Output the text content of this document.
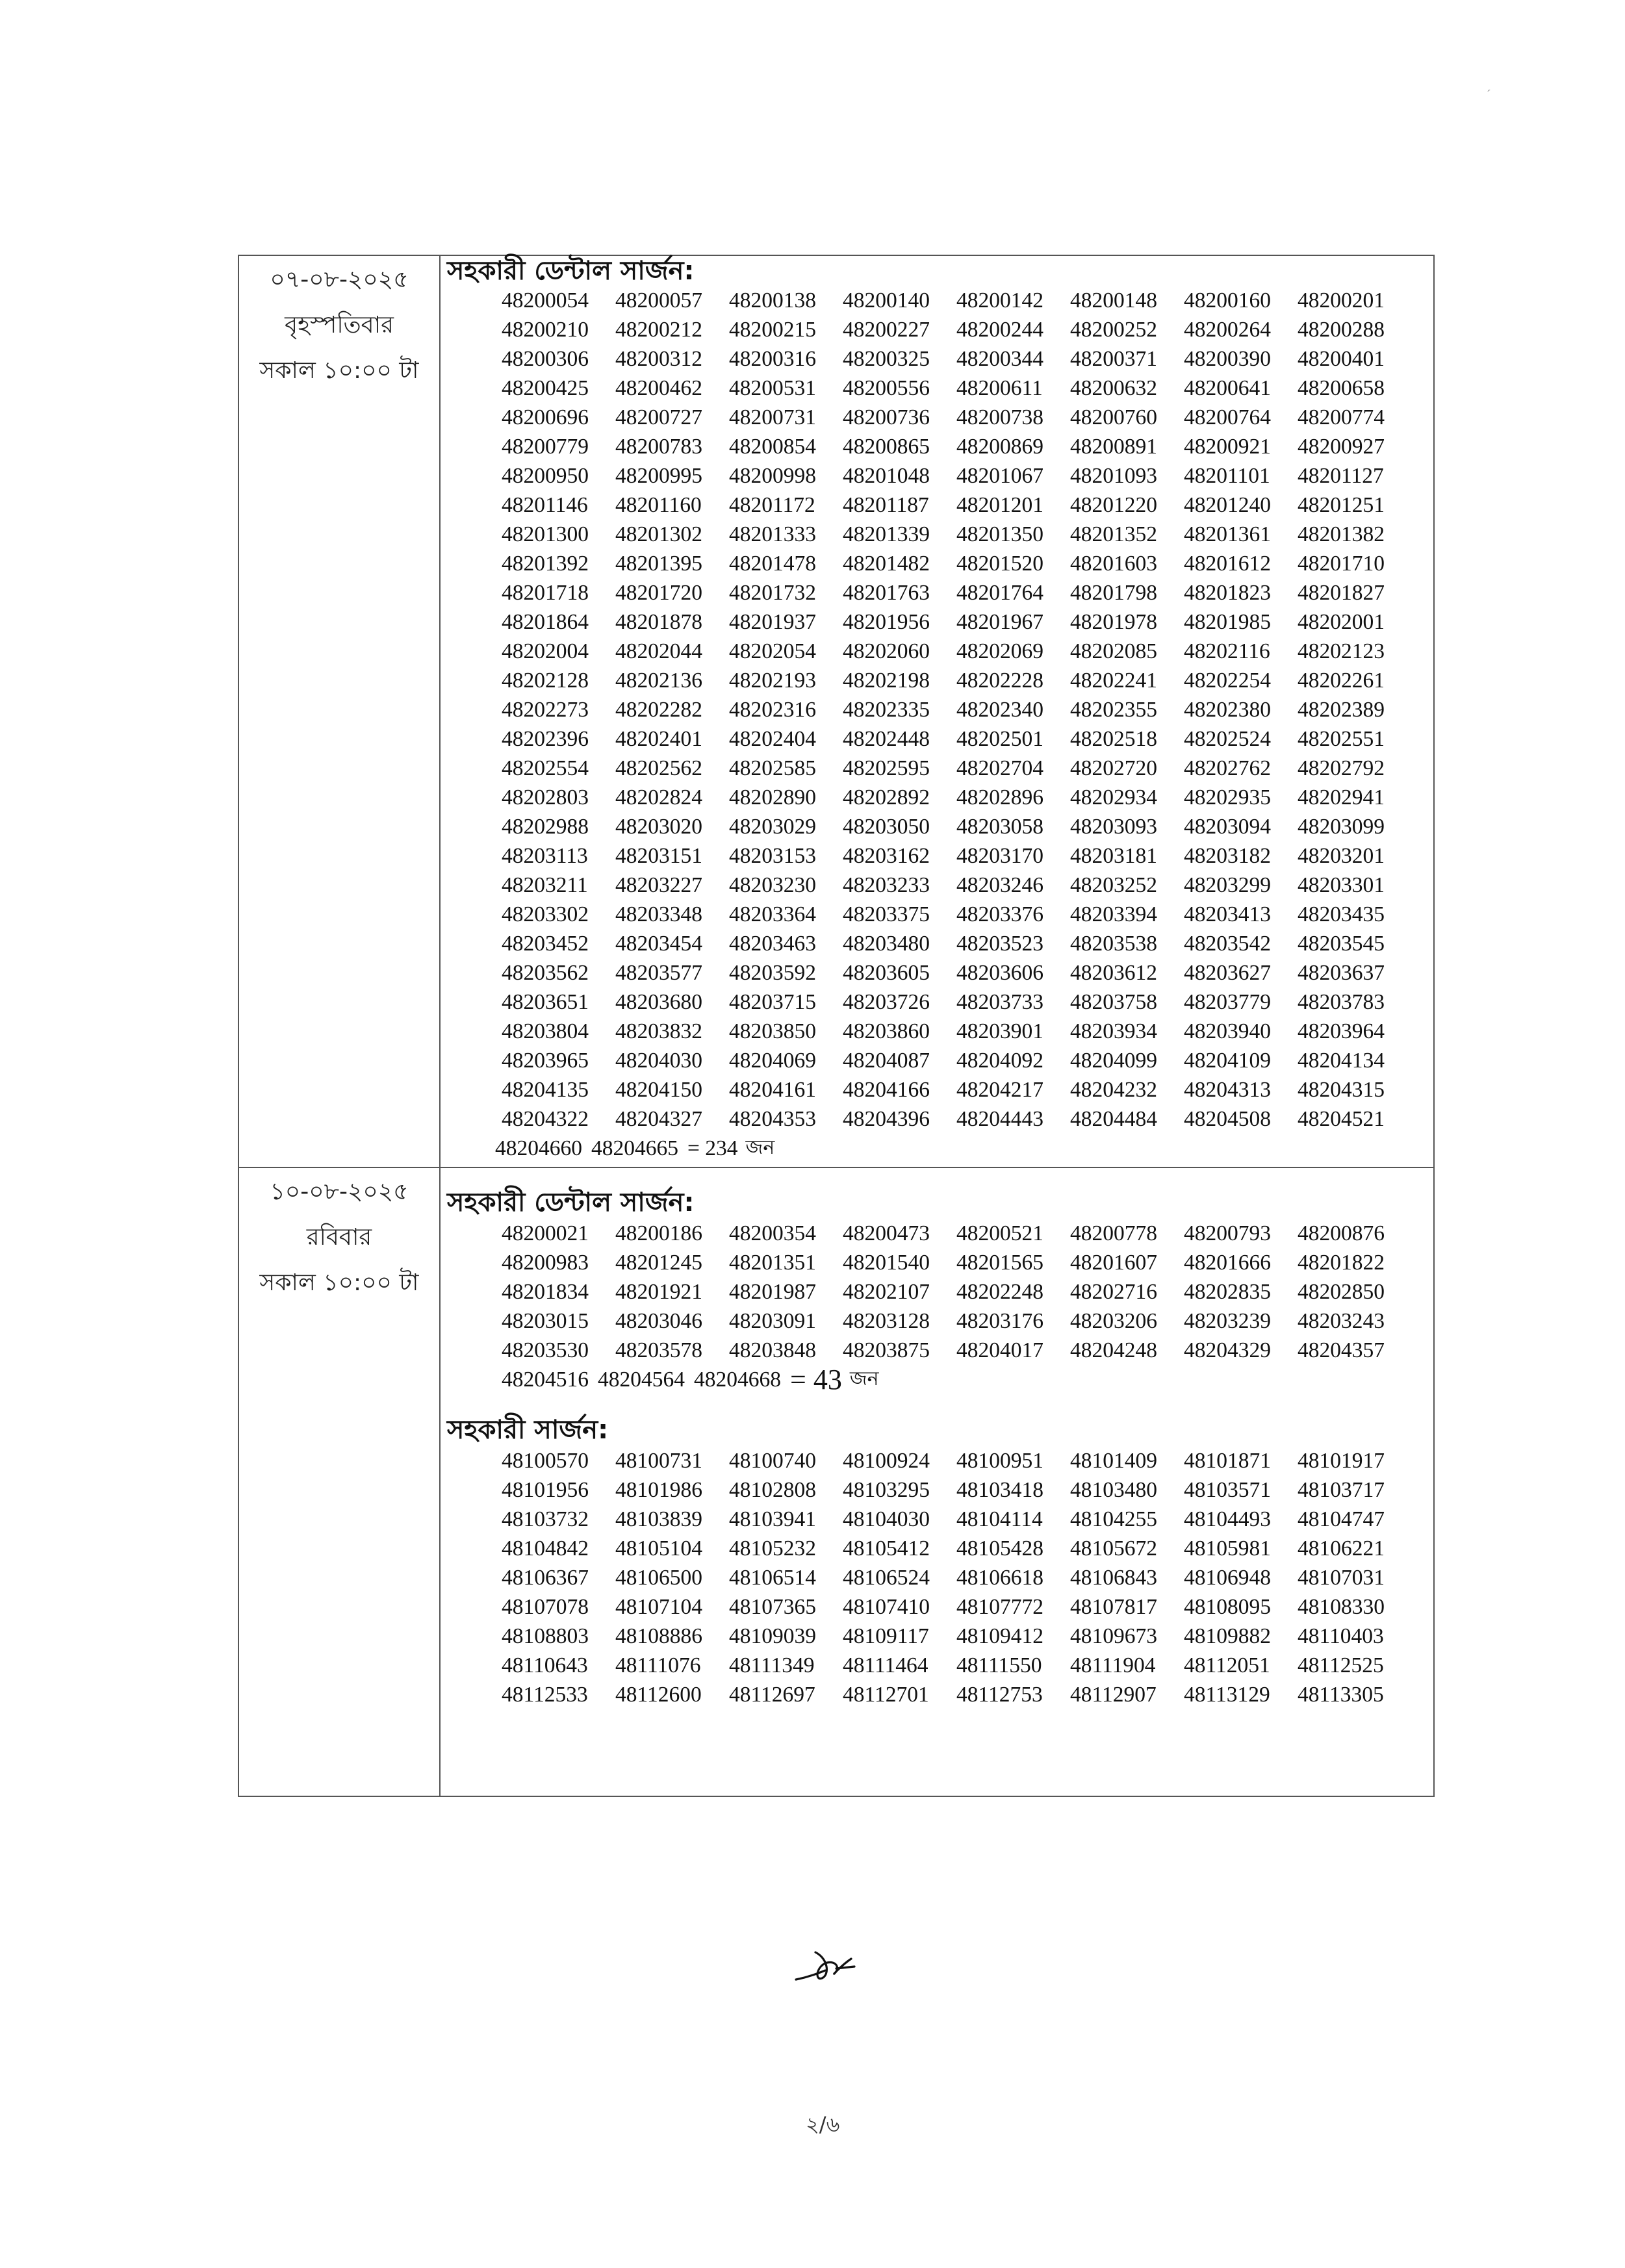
০৭-০৮-২০২৫
বৃহস্পতিবার
সকাল ১০:০০ টা
সহকারী ডেন্টাল সার্জন:
48200054	48200057	48200138	48200140	48200142	48200148	48200160	48200201
48200210	48200212	48200215	48200227	48200244	48200252	48200264	48200288
48200306	48200312	48200316	48200325	48200344	48200371	48200390	48200401
48200425	48200462	48200531	48200556	48200611	48200632	48200641	48200658
48200696	48200727	48200731	48200736	48200738	48200760	48200764	48200774
48200779	48200783	48200854	48200865	48200869	48200891	48200921	48200927
48200950	48200995	48200998	48201048	48201067	48201093	48201101	48201127
48201146	48201160	48201172	48201187	48201201	48201220	48201240	48201251
48201300	48201302	48201333	48201339	48201350	48201352	48201361	48201382
48201392	48201395	48201478	48201482	48201520	48201603	48201612	48201710
48201718	48201720	48201732	48201763	48201764	48201798	48201823	48201827
48201864	48201878	48201937	48201956	48201967	48201978	48201985	48202001
48202004	48202044	48202054	48202060	48202069	48202085	48202116	48202123
48202128	48202136	48202193	48202198	48202228	48202241	48202254	48202261
48202273	48202282	48202316	48202335	48202340	48202355	48202380	48202389
48202396	48202401	48202404	48202448	48202501	48202518	48202524	48202551
48202554	48202562	48202585	48202595	48202704	48202720	48202762	48202792
48202803	48202824	48202890	48202892	48202896	48202934	48202935	48202941
48202988	48203020	48203029	48203050	48203058	48203093	48203094	48203099
48203113	48203151	48203153	48203162	48203170	48203181	48203182	48203201
48203211	48203227	48203230	48203233	48203246	48203252	48203299	48203301
48203302	48203348	48203364	48203375	48203376	48203394	48203413	48203435
48203452	48203454	48203463	48203480	48203523	48203538	48203542	48203545
48203562	48203577	48203592	48203605	48203606	48203612	48203627	48203637
48203651	48203680	48203715	48203726	48203733	48203758	48203779	48203783
48203804	48203832	48203850	48203860	48203901	48203934	48203940	48203964
48203965	48204030	48204069	48204087	48204092	48204099	48204109	48204134
48204135	48204150	48204161	48204166	48204217	48204232	48204313	48204315
48204322	48204327	48204353	48204396	48204443	48204484	48204508	48204521
48204660 48204665 = 234 জন
১০-০৮-২০২৫
রবিবার
সকাল ১০:০০ টা
সহকারী ডেন্টাল সার্জন:
48200021	48200186	48200354	48200473	48200521	48200778	48200793	48200876
48200983	48201245	48201351	48201540	48201565	48201607	48201666	48201822
48201834	48201921	48201987	48202107	48202248	48202716	48202835	48202850
48203015	48203046	48203091	48203128	48203176	48203206	48203239	48203243
48203530	48203578	48203848	48203875	48204017	48204248	48204329	48204357
48204516 48204564 48204668 = 43 জন
সহকারী সার্জন:
48100570	48100731	48100740	48100924	48100951	48101409	48101871	48101917
48101956	48101986	48102808	48103295	48103418	48103480	48103571	48103717
48103732	48103839	48103941	48104030	48104114	48104255	48104493	48104747
48104842	48105104	48105232	48105412	48105428	48105672	48105981	48106221
48106367	48106500	48106514	48106524	48106618	48106843	48106948	48107031
48107078	48107104	48107365	48107410	48107772	48107817	48108095	48108330
48108803	48108886	48109039	48109117	48109412	48109673	48109882	48110403
48110643	48111076	48111349	48111464	48111550	48111904	48112051	48112525
48112533	48112600	48112697	48112701	48112753	48112907	48113129	48113305
´
২/৬
